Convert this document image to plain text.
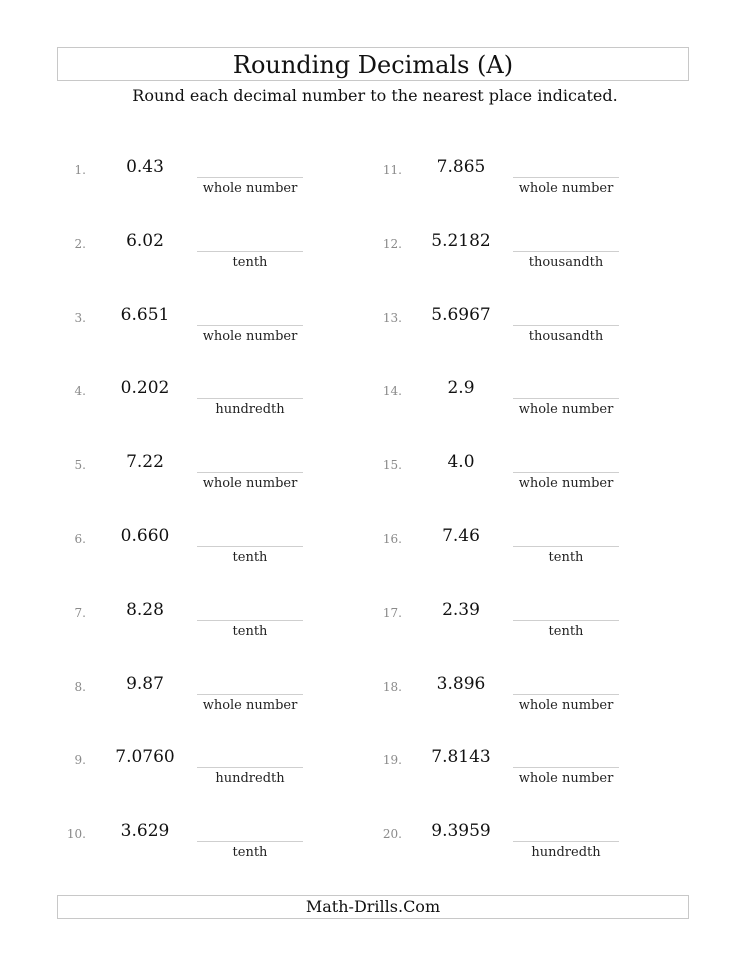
Rounding Decimals (A)
Round each decimal number to the nearest place indicated.
1.	0.43
whole number
2.	6.02
tenth
3.	6.651
whole number
4.	0.202
hundredth
5.	7.22
whole number
6.	0.660
tenth
7.	8.28
tenth
8.	9.87
whole number
9.	7.0760
hundredth
10.	3.629
tenth
11.	7.865
whole number
12.	5.2182
thousandth
13.	5.6967
thousandth
14.	2.9
whole number
15.	4.0
whole number
16.	7.46
tenth
17.	2.39
tenth
18.	3.896
whole number
19.	7.8143
whole number
20.	9.3959
hundredth
Math-Drills.Com
